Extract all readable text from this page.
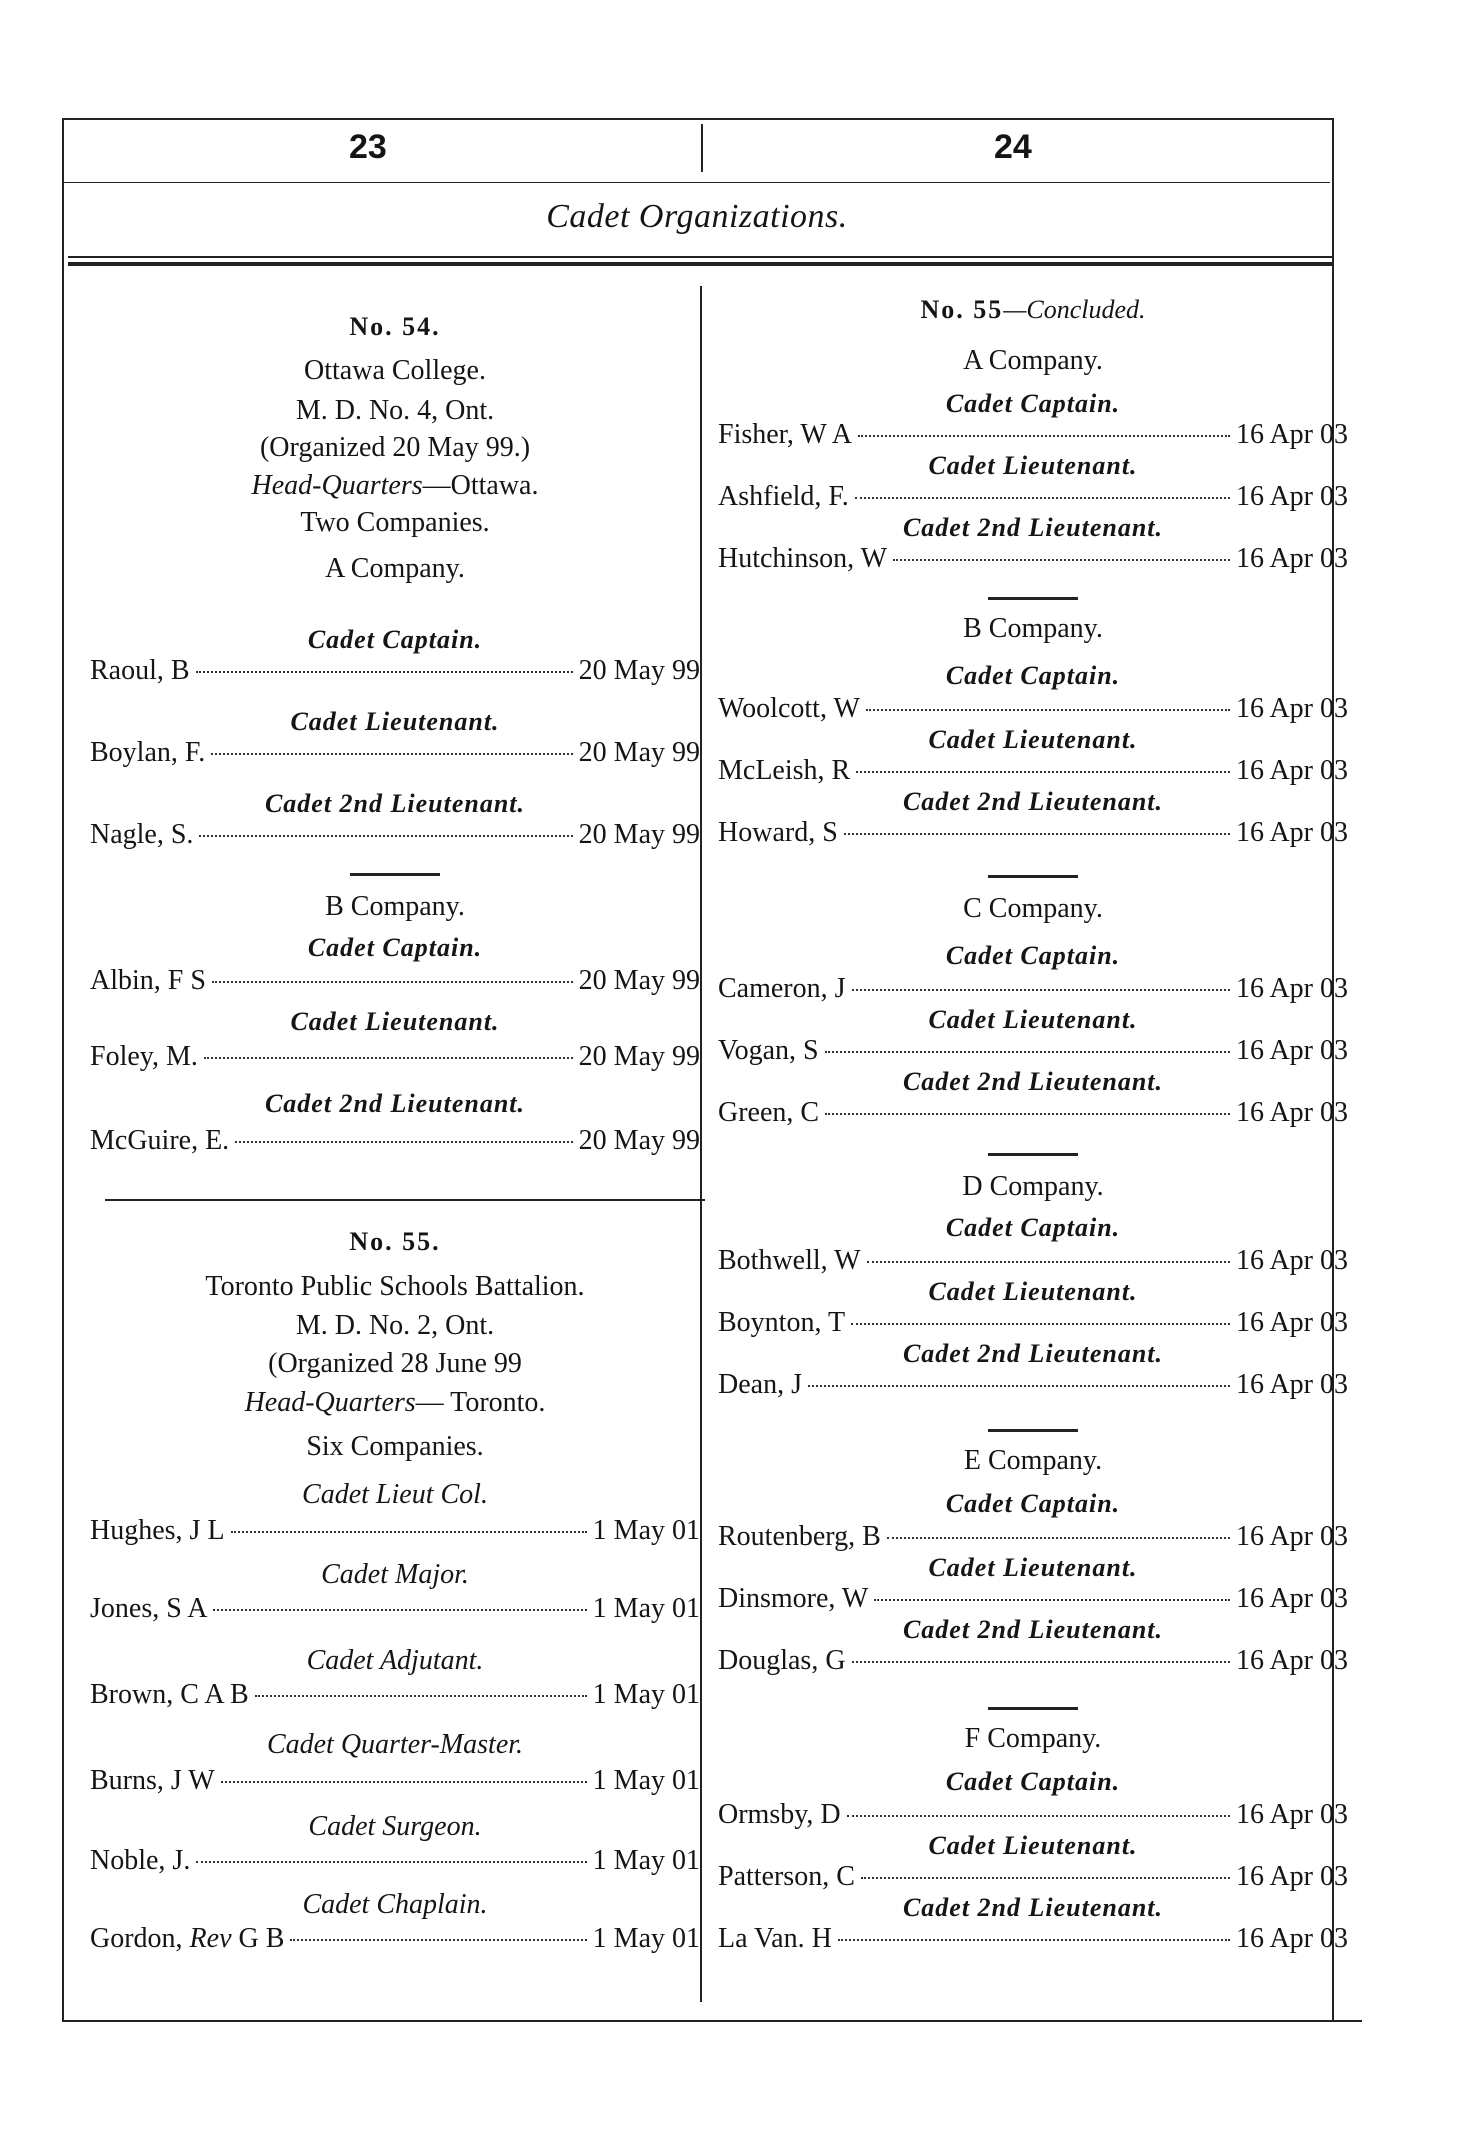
23	24
Cadet Organizations.
No. 54.
Ottawa College.
M. D. No. 4, Ont.
(Organized 20 May 99.)
Head-Quarters—Ottawa.
Two Companies.
A Company.
Cadet Captain.
Raoul, B	20 May 99
Cadet Lieutenant.
Boylan, F.	20 May 99
Cadet 2nd Lieutenant.
Nagle, S.	20 May 99
B Company.
Cadet Captain.
Albin, F S	20 May 99
Cadet Lieutenant.
Foley, M.	20 May 99
Cadet 2nd Lieutenant.
McGuire, E.	20 May 99
No. 55.
Toronto Public Schools Battalion.
M. D. No. 2, Ont.
(Organized 28 June 99
Head-Quarters— Toronto.
Six Companies.
Cadet Lieut Col.
Hughes, J L	1 May 01
Cadet Major.
Jones, S A	1 May 01
Cadet Adjutant.
Brown, C A B	1 May 01
Cadet Quarter-Master.
Burns, J W	1 May 01
Cadet Surgeon.
Noble, J.	1 May 01
Cadet Chaplain.
Gordon, Rev G B	1 May 01
No. 55—Concluded.
A Company.
Cadet Captain.
Fisher, W A	16 Apr 03
Cadet Lieutenant.
Ashfield, F.	16 Apr 03
Cadet 2nd Lieutenant.
Hutchinson, W	16 Apr 03
B Company.
Cadet Captain.
Woolcott, W	16 Apr 03
Cadet Lieutenant.
McLeish, R	16 Apr 03
Cadet 2nd Lieutenant.
Howard, S	16 Apr 03
C Company.
Cadet Captain.
Cameron, J	16 Apr 03
Cadet Lieutenant.
Vogan, S	16 Apr 03
Cadet 2nd Lieutenant.
Green, C	16 Apr 03
D Company.
Cadet Captain.
Bothwell, W	16 Apr 03
Cadet Lieutenant.
Boynton, T	16 Apr 03
Cadet 2nd Lieutenant.
Dean, J	16 Apr 03
E Company.
Cadet Captain.
Routenberg, B	16 Apr 03
Cadet Lieutenant.
Dinsmore, W	16 Apr 03
Cadet 2nd Lieutenant.
Douglas, G	16 Apr 03
F Company.
Cadet Captain.
Ormsby, D	16 Apr 03
Cadet Lieutenant.
Patterson, C	16 Apr 03
Cadet 2nd Lieutenant.
La Van. H	16 Apr 03
